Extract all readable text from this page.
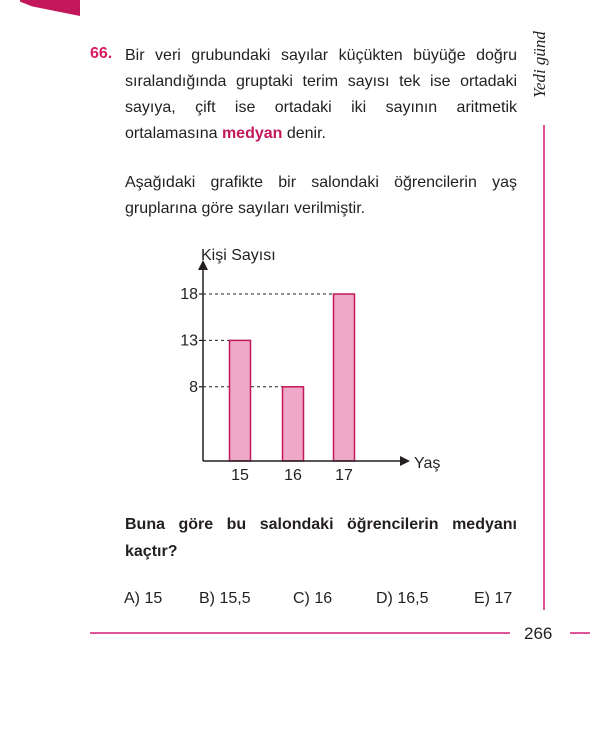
Yedi günd
66. Bir veri grubundaki sayılar küçükten büyüğe doğru sıralandığında gruptaki terim sayısı tek ise ortadaki sayıya, çift ise ortadaki iki sayının aritmetik ortalamasına medyan denir.
Aşağıdaki grafikte bir salondaki öğrencilerin yaş gruplarına göre sayıları verilmiştir.
Kişi Sayısı
Yaş
8
13
18
15 16 17
Buna göre bu salondaki öğrencilerin medyanı kaçtır?
A) 15 B) 15,5	C) 16	D) 16,5	E) 17
266
